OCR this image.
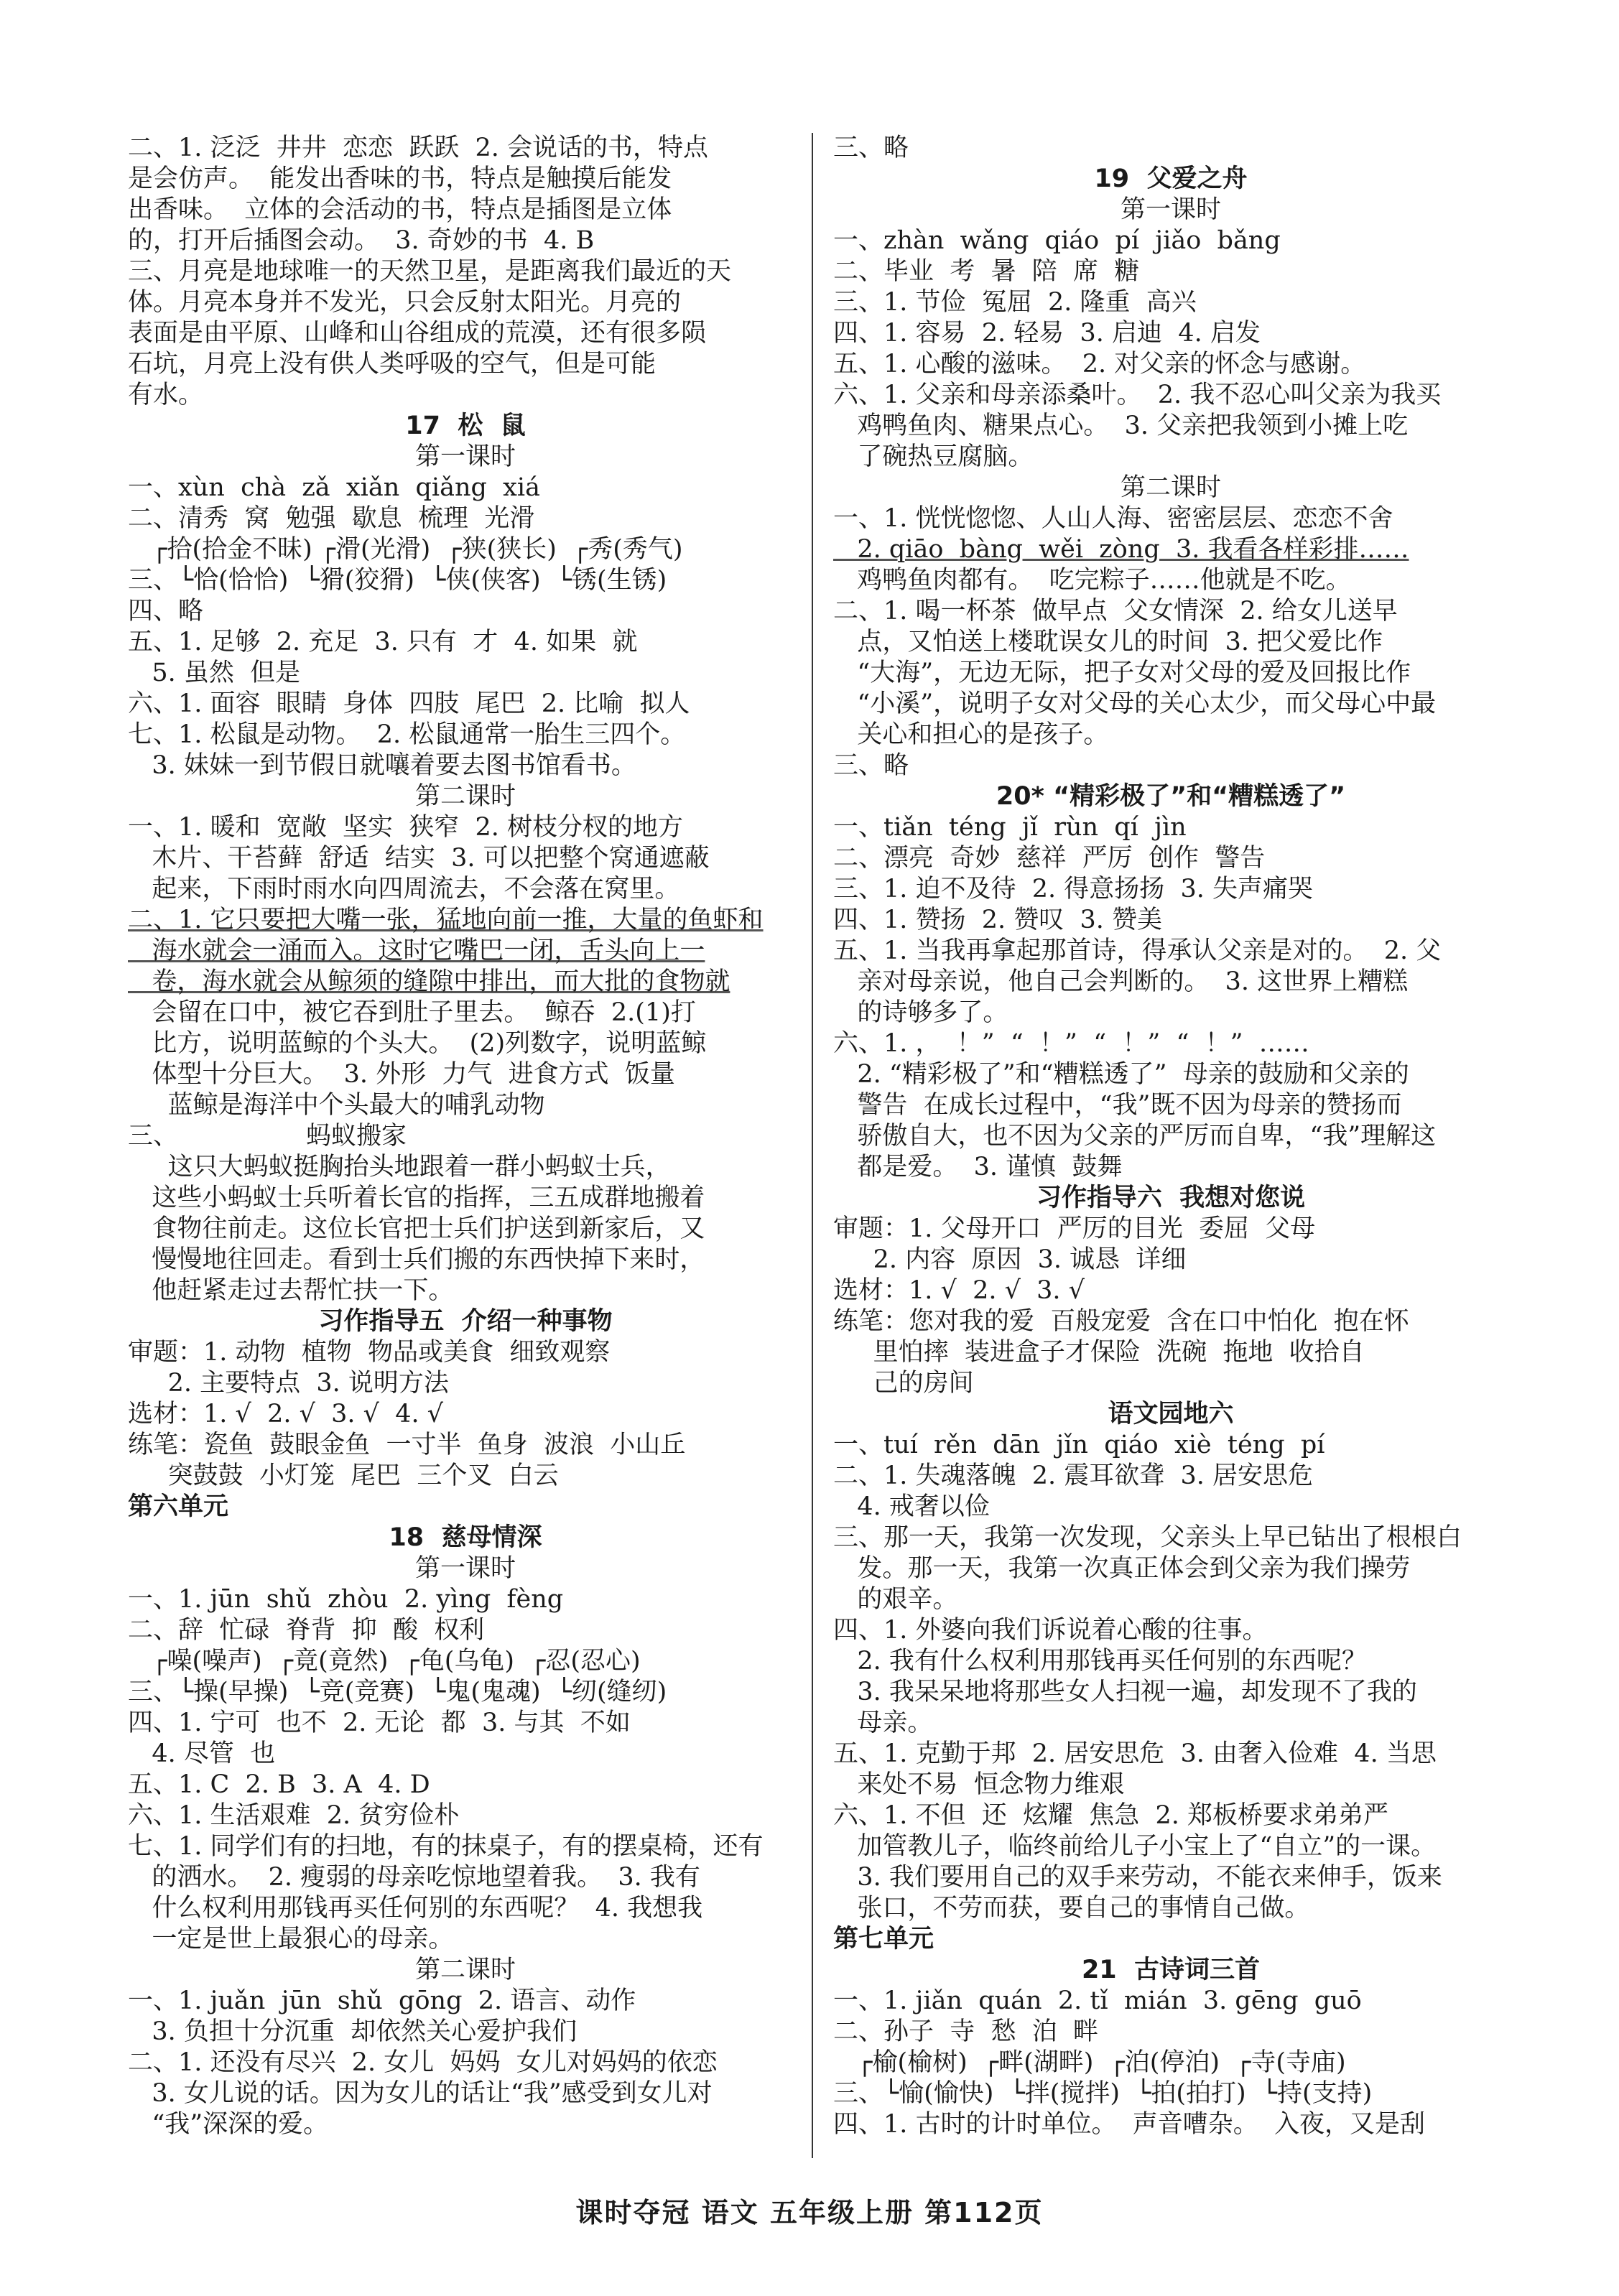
二、1. 泛泛  井井  恋恋  跃跃  2. 会说话的书，特点
是会仿声。  能发出香味的书，特点是触摸后能发
出香味。  立体的会活动的书，特点是插图是立体
的，打开后插图会动。  3. 奇妙的书  4. B
三、月亮是地球唯一的天然卫星，是距离我们最近的天
体。月亮本身并不发光，只会反射太阳光。月亮的
表面是由平原、山峰和山谷组成的荒漠，还有很多陨
石坑，月亮上没有供人类呼吸的空气，但是可能
有水。
17  松  鼠
第一课时
一、xùn  chà  zǎ  xiǎn  qiǎng  xiá
二、清秀  窝  勉强  歇息  梳理  光滑
┌拾(拾金不昧) ┌滑(光滑)  ┌狭(狭长)  ┌秀(秀气)
三、└恰(恰恰)  └猾(狡猾)  └侠(侠客)  └锈(生锈)
四、略
五、1. 足够  2. 充足  3. 只有  才  4. 如果  就
5. 虽然  但是
六、1. 面容  眼睛  身体  四肢  尾巴  2. 比喻  拟人
七、1. 松鼠是动物。  2. 松鼠通常一胎生三四个。
3. 妹妹一到节假日就嚷着要去图书馆看书。
第二课时
一、1. 暖和  宽敞  坚实  狭窄  2. 树枝分杈的地方
木片、干苔藓  舒适  结实  3. 可以把整个窝通遮蔽
起来，下雨时雨水向四周流去，不会落在窝里。
二、1. 它只要把大嘴一张，猛地向前一推，大量的鱼虾和
海水就会一涌而入。这时它嘴巴一闭，舌头向上一
卷，海水就会从鲸须的缝隙中排出，而大批的食物就
会留在口中，被它吞到肚子里去。  鲸吞  2.(1)打
比方，说明蓝鲸的个头大。  (2)列数字，说明蓝鲸
体型十分巨大。  3. 外形  力气  进食方式  饭量
蓝鲸是海洋中个头最大的哺乳动物
三、                蚂蚁搬家
这只大蚂蚁挺胸抬头地跟着一群小蚂蚁士兵，
这些小蚂蚁士兵听着长官的指挥，三五成群地搬着
食物往前走。这位长官把士兵们护送到新家后，又
慢慢地往回走。看到士兵们搬的东西快掉下来时，
他赶紧走过去帮忙扶一下。
习作指导五  介绍一种事物
审题：1. 动物  植物  物品或美食  细致观察
2. 主要特点  3. 说明方法
选材：1. √  2. √  3. √  4. √
练笔：瓷鱼  鼓眼金鱼  一寸半  鱼身  波浪  小山丘
突鼓鼓  小灯笼  尾巴  三个叉  白云
第六单元
18  慈母情深
第一课时
一、1. jūn  shǔ  zhòu  2. yìng  fèng
二、辞  忙碌  脊背  抑  酸  权利
┌噪(噪声)  ┌竟(竟然)  ┌龟(乌龟)  ┌忍(忍心)
三、└操(早操)  └竞(竞赛)  └鬼(鬼魂)  └纫(缝纫)
四、1. 宁可  也不  2. 无论  都  3. 与其  不如
4. 尽管  也
五、1. C  2. B  3. A  4. D
六、1. 生活艰难  2. 贫穷俭朴
七、1. 同学们有的扫地，有的抹桌子，有的摆桌椅，还有
的洒水。  2. 瘦弱的母亲吃惊地望着我。  3. 我有
什么权利用那钱再买任何别的东西呢？  4. 我想我
一定是世上最狠心的母亲。
第二课时
一、1. juǎn  jūn  shǔ  gōng  2. 语言、动作
3. 负担十分沉重  却依然关心爱护我们
二、1. 还没有尽兴  2. 女儿  妈妈  女儿对妈妈的依恋
3. 女儿说的话。因为女儿的话让“我”感受到女儿对
“我”深深的爱。
三、略
19  父爱之舟
第一课时
一、zhàn  wǎng  qiáo  pí  jiǎo  bǎng
二、毕业  考  暑  陪  席  糖
三、1. 节俭  冤屈  2. 隆重  高兴
四、1. 容易  2. 轻易  3. 启迪  4. 启发
五、1. 心酸的滋味。  2. 对父亲的怀念与感谢。
六、1. 父亲和母亲添桑叶。  2. 我不忍心叫父亲为我买
鸡鸭鱼肉、糖果点心。  3. 父亲把我领到小摊上吃
了碗热豆腐脑。
第二课时
一、1. 恍恍惚惚、人山人海、密密层层、恋恋不舍
2. qiāo  bàng  wěi  zòng  3. 我看各样彩排……
鸡鸭鱼肉都有。  吃完粽子……他就是不吃。
二、1. 喝一杯茶  做早点  父女情深  2. 给女儿送早
点，又怕送上楼耽误女儿的时间  3. 把父爱比作
“大海”，无边无际，把子女对父母的爱及回报比作
“小溪”，说明子女对父母的关心太少，而父母心中最
关心和担心的是孩子。
三、略
20* “精彩极了”和“糟糕透了”
一、tiǎn  téng  jǐ  rùn  qí  jìn
二、漂亮  奇妙  慈祥  严厉  创作  警告
三、1. 迫不及待  2. 得意扬扬  3. 失声痛哭
四、1. 赞扬  2. 赞叹  3. 赞美
五、1. 当我再拿起那首诗，得承认父亲是对的。  2. 父
亲对母亲说，他自己会判断的。  3. 这世界上糟糕
的诗够多了。
六、1. ，  ！”  “  ！”  “  ！”  “  ！”  ……
2. “精彩极了”和“糟糕透了”  母亲的鼓励和父亲的
警告  在成长过程中，“我”既不因为母亲的赞扬而
骄傲自大，也不因为父亲的严厉而自卑，“我”理解这
都是爱。  3. 谨慎  鼓舞
习作指导六  我想对您说
审题：1. 父母开口  严厉的目光  委屈  父母
2. 内容  原因  3. 诚恳  详细
选材：1. √  2. √  3. √
练笔：您对我的爱  百般宠爱  含在口中怕化  抱在怀
里怕摔  装进盒子才保险  洗碗  拖地  收拾自
己的房间
语文园地六
一、tuí  rěn  dān  jǐn  qiáo  xiè  téng  pí
二、1. 失魂落魄  2. 震耳欲聋  3. 居安思危
4. 戒奢以俭
三、那一天，我第一次发现，父亲头上早已钻出了根根白
发。那一天，我第一次真正体会到父亲为我们操劳
的艰辛。
四、1. 外婆向我们诉说着心酸的往事。
2. 我有什么权利用那钱再买任何别的东西呢？
3. 我呆呆地将那些女人扫视一遍，却发现不了我的
母亲。
五、1. 克勤于邦  2. 居安思危  3. 由奢入俭难  4. 当思
来处不易  恒念物力维艰
六、1. 不但  还  炫耀  焦急  2. 郑板桥要求弟弟严
加管教儿子，临终前给儿子小宝上了“自立”的一课。
3. 我们要用自己的双手来劳动，不能衣来伸手，饭来
张口，不劳而获，要自己的事情自己做。
第七单元
21  古诗词三首
一、1. jiǎn  quán  2. tǐ  mián  3. gēng  guō
二、孙子  寺  愁  泊  畔
┌榆(榆树)  ┌畔(湖畔)  ┌泊(停泊)  ┌寺(寺庙)
三、└愉(愉快)  └拌(搅拌)  └拍(拍打)  └持(支持)
四、1. 古时的计时单位。  声音嘈杂。  入夜，又是刮
课时夺冠 语文 五年级上册 第112页
